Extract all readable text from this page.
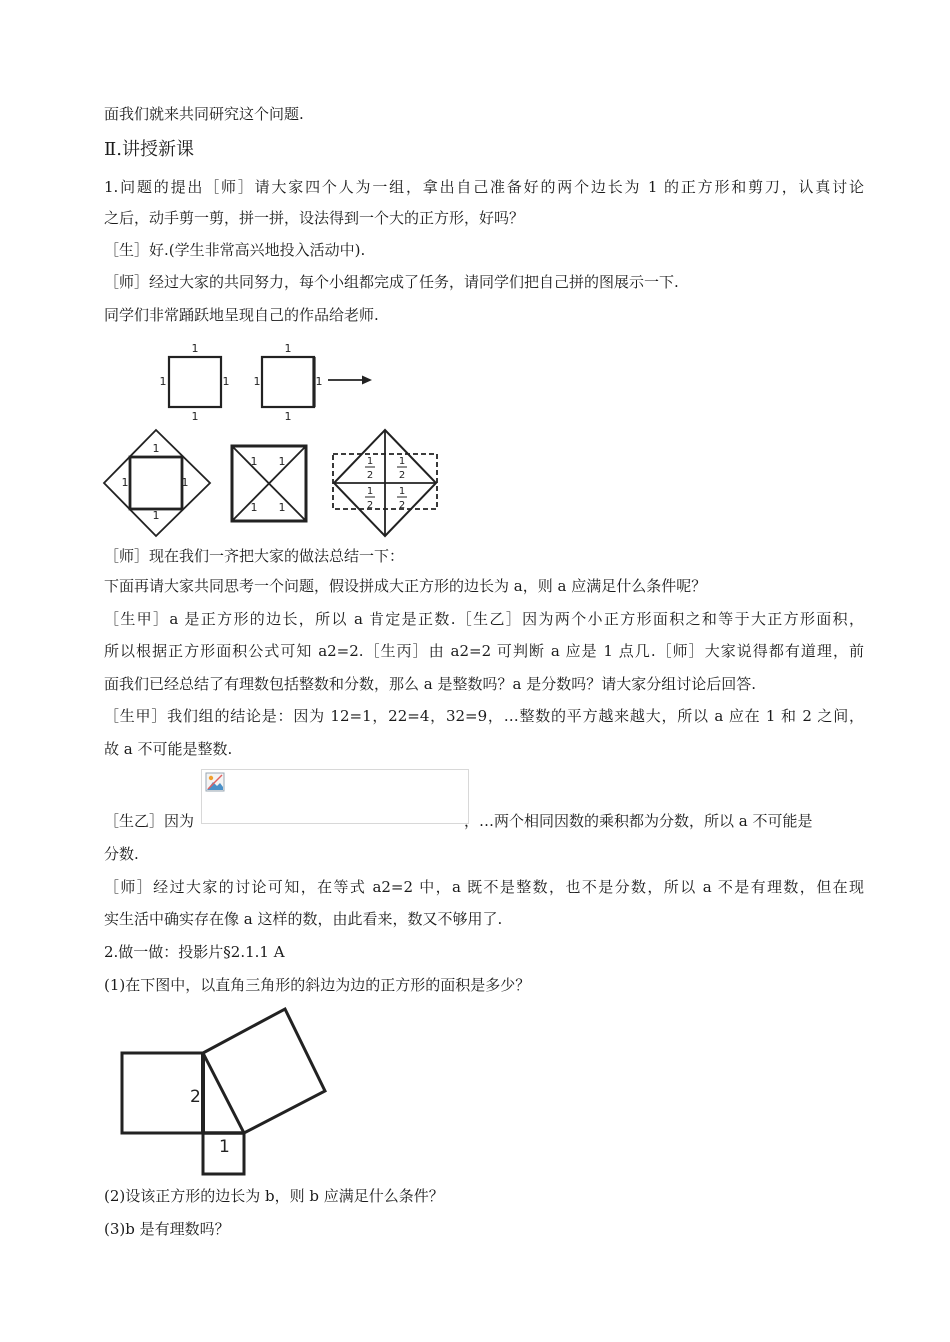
面我们就来共同研究这个问题.
Ⅱ.讲授新课
1.问题的提出［师］请大家四个人为一组，拿出自己准备好的两个边长为 1 的正方形和剪刀，认真讨论
之后，动手剪一剪，拼一拼，设法得到一个大的正方形，好吗？
［生］好.(学生非常高兴地投入活动中).
［师］经过大家的共同努力，每个小组都完成了任务，请同学们把自己拼的图展示一下.
同学们非常踊跃地呈现自己的作品给老师.
1
1	1
1
1
1	1
1
1
1	1
1
1 1
1 1
1
2
1
2
1
2
1
2
［师］现在我们一齐把大家的做法总结一下：
下面再请大家共同思考一个问题，假设拼成大正方形的边长为 a，则 a 应满足什么条件呢？
［生甲］a 是正方形的边长，所以 a 肯定是正数.［生乙］因为两个小正方形面积之和等于大正方形面积，
所以根据正方形面积公式可知 a2=2.［生丙］由 a2=2 可判断 a 应是 1 点几.［师］大家说得都有道理，前
面我们已经总结了有理数包括整数和分数，那么 a 是整数吗？a 是分数吗？请大家分组讨论后回答.
［生甲］我们组的结论是：因为 12=1，22=4，32=9，…整数的平方越来越大，所以 a 应在 1 和 2 之间，
故 a 不可能是整数.
［生乙］因为	，…两个相同因数的乘积都为分数，所以 a 不可能是
分数.
［师］经过大家的讨论可知，在等式 a2=2 中，a 既不是整数，也不是分数，所以 a 不是有理数，但在现
实生活中确实存在像 a 这样的数，由此看来，数又不够用了.
2.做一做：投影片§2.1.1 A
(1)在下图中，以直角三角形的斜边为边的正方形的面积是多少？
2
1
(2)设该正方形的边长为 b，则 b 应满足什么条件？
(3)b 是有理数吗？
